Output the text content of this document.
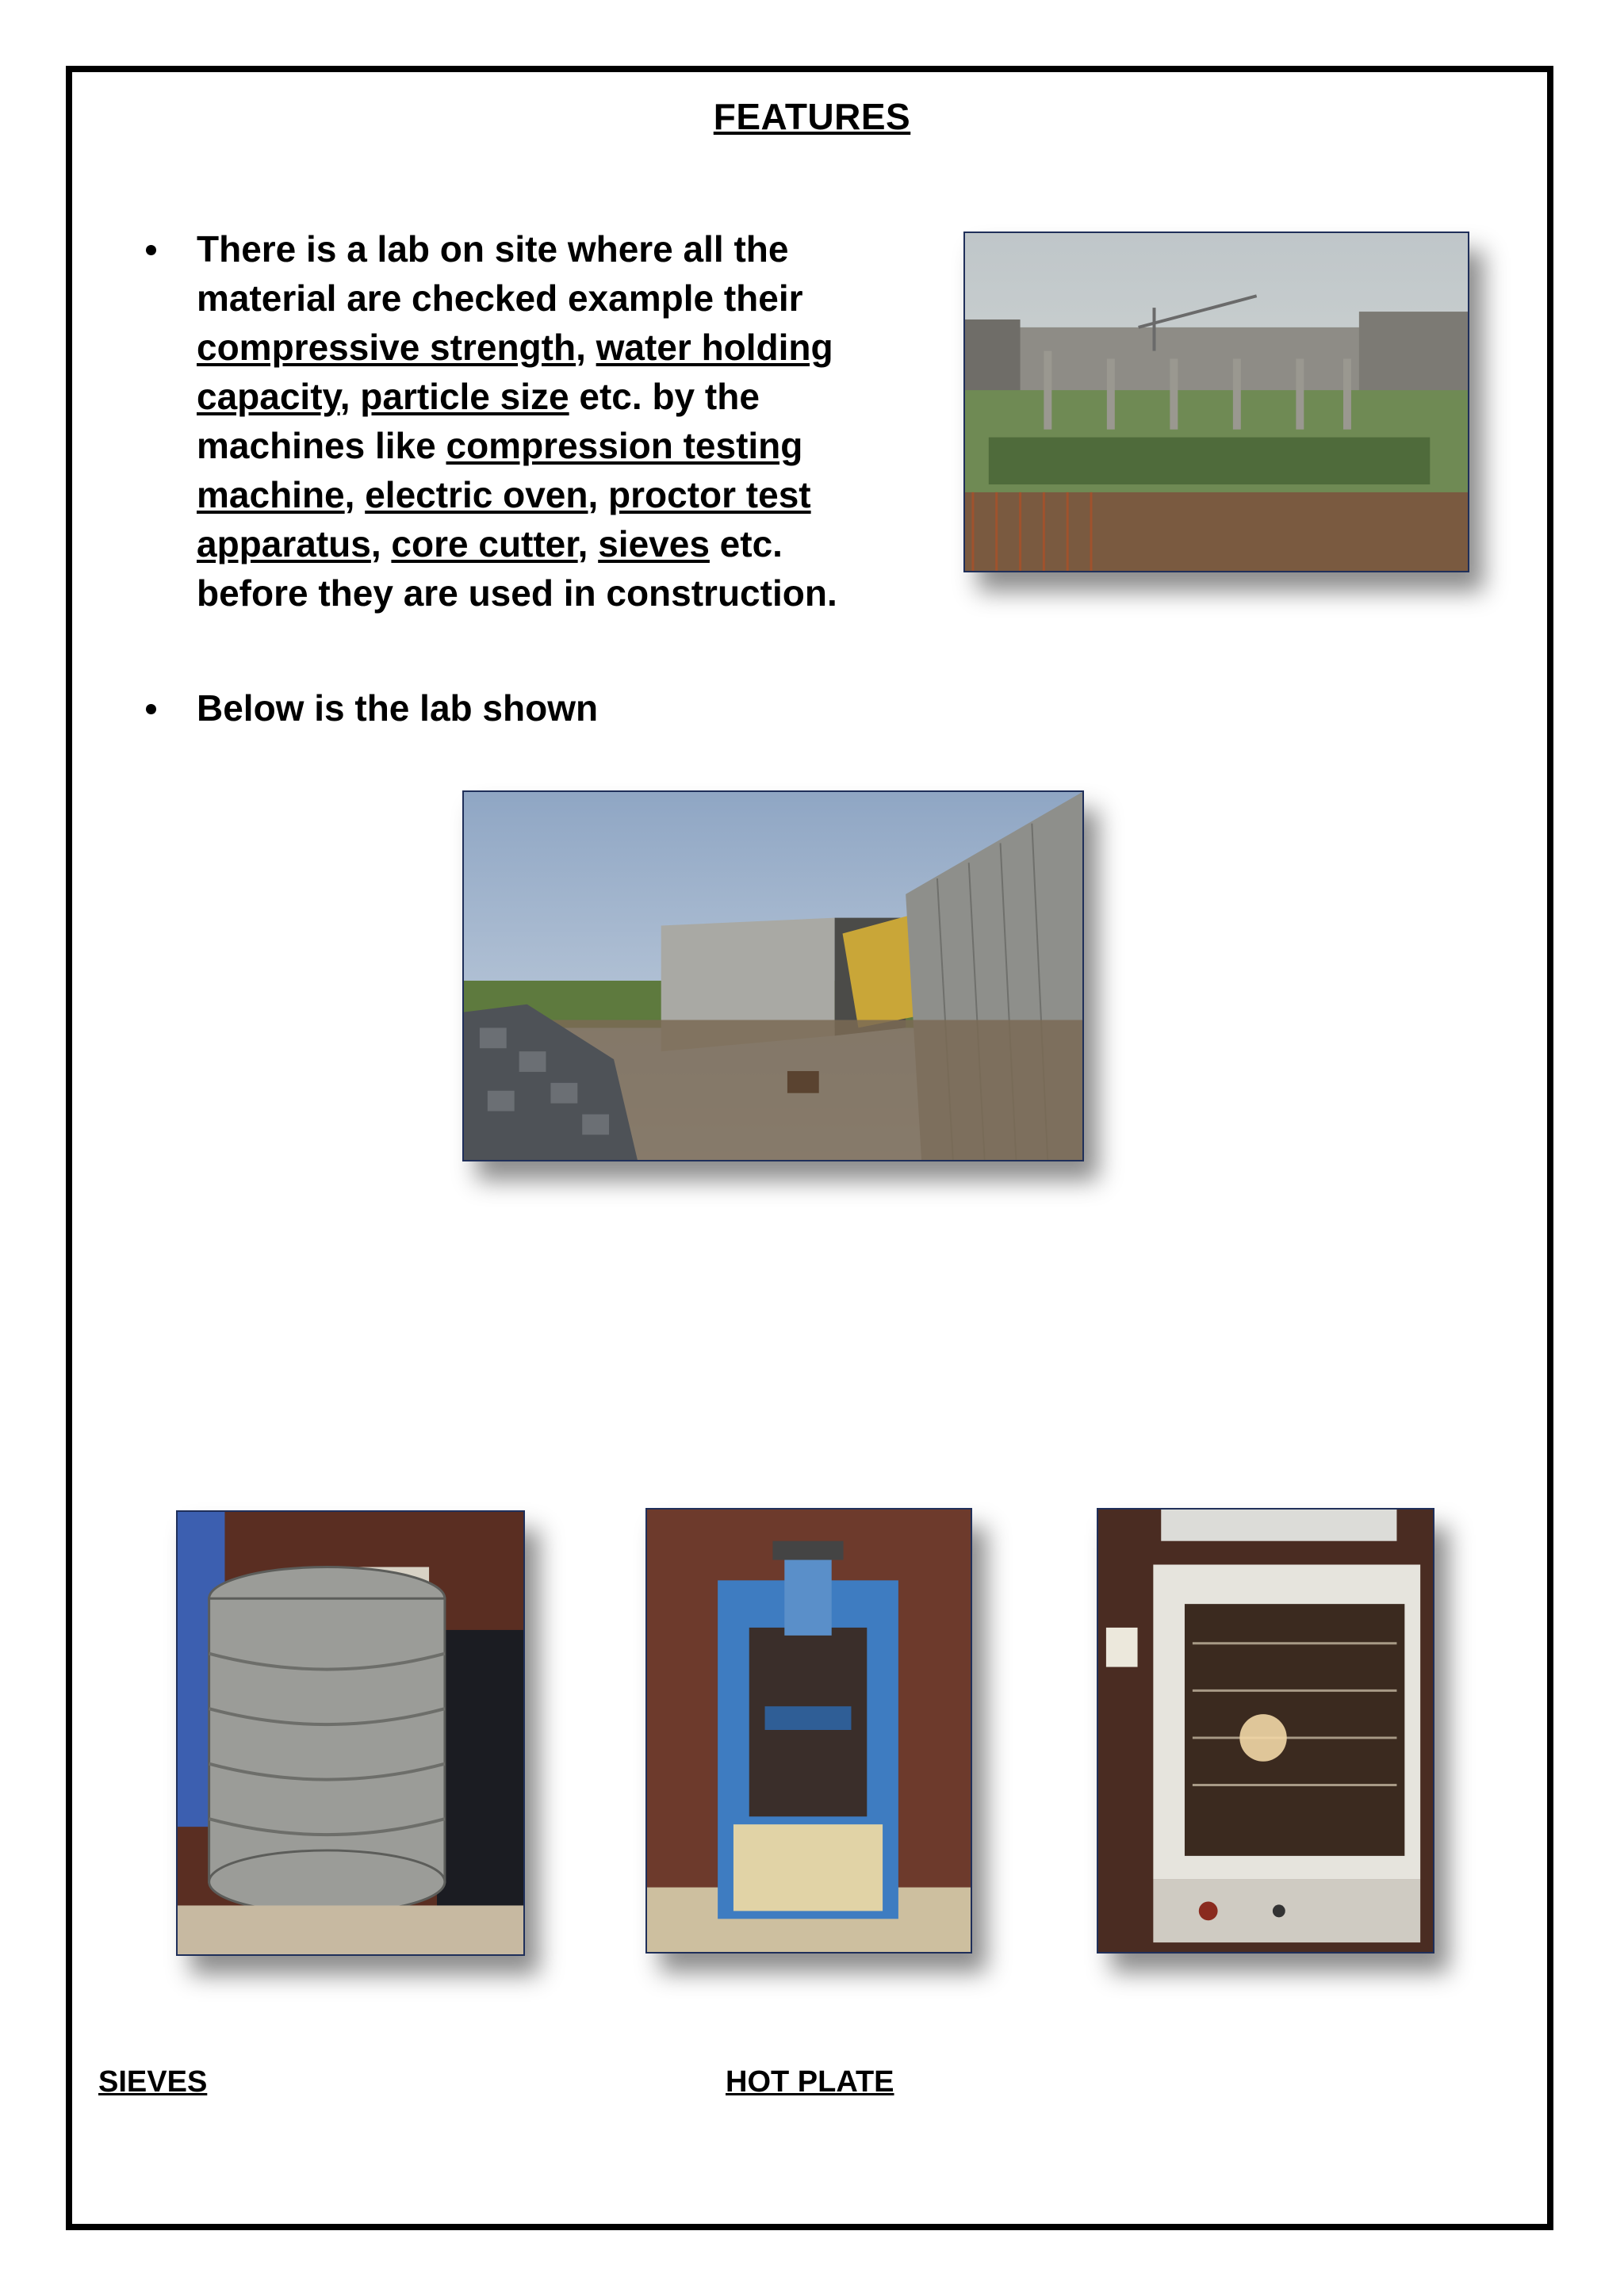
FEATURES
There is a lab on site where all the
material are checked example their
compressive strength, water holding
capacity, particle size etc. by the
machines like compression testing
machine, electric oven, proctor test
apparatus, core cutter, sieves etc.
before they are used in construction.
Below is the lab shown
SIEVES	HOT PLATE
